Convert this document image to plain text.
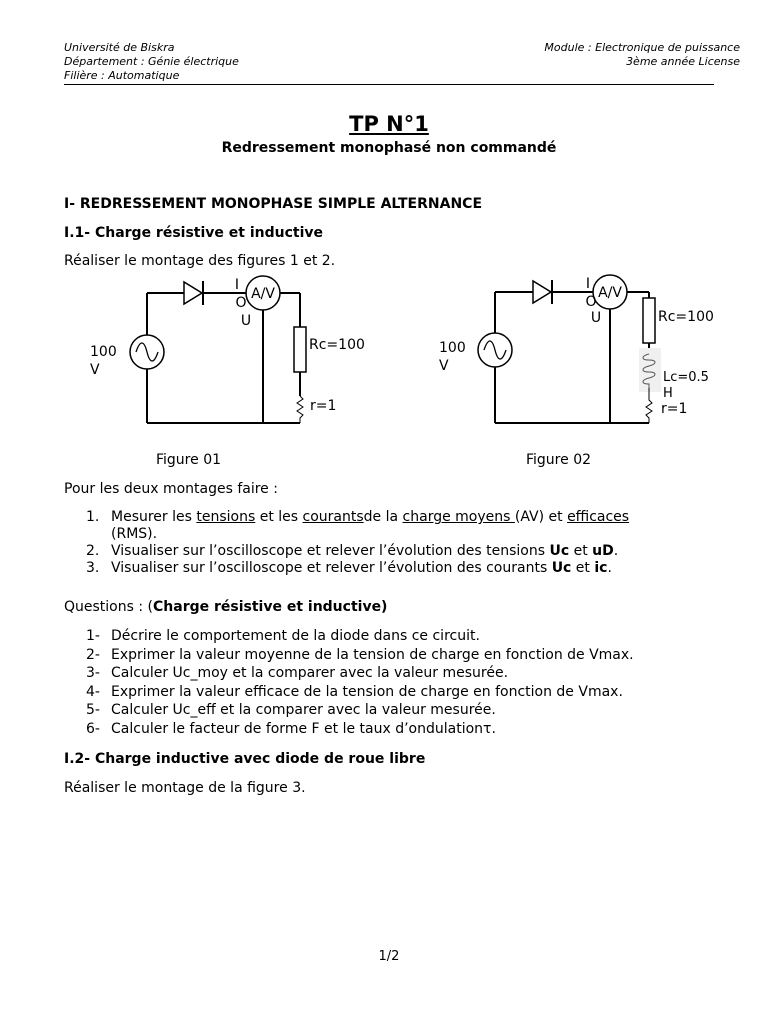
Université de Biskra
Département : Génie électrique
Filière : Automatique
Module : Electronique de puissance
3ème année License
TP N°1
Redressement monophasé non commandé
I- REDRESSEMENT MONOPHASE SIMPLE ALTERNANCE
I.1- Charge résistive et inductive
Réaliser le montage des figures 1 et 2.
A/V
I
O
U
100
V
Rc=100
r=1
Figure 01
A/V
I
O
U
100
V
Rc=100
Lc=0.5
H
r=1
Figure 02
Pour les deux montages faire :
1. Mesurer les tensions et les courantsde la charge moyens (AV) et efficaces
(RMS).
2. Visualiser sur l’oscilloscope et relever l’évolution des tensions Uc et uD.
3. Visualiser sur l’oscilloscope et relever l’évolution des courants Uc et ic.
Questions : (Charge résistive et inductive)
1- Décrire le comportement de la diode dans ce circuit.
2- Exprimer la valeur moyenne de la tension de charge en fonction de Vmax.
3- Calculer Uc_moy et la comparer avec la valeur mesurée.
4- Exprimer la valeur efficace de la tension de charge en fonction de Vmax.
5- Calculer Uc_eff et la comparer avec la valeur mesurée.
6- Calculer le facteur de forme F et le taux d’ondulationτ.
I.2- Charge inductive avec diode de roue libre
Réaliser le montage de la figure 3.
1/2
